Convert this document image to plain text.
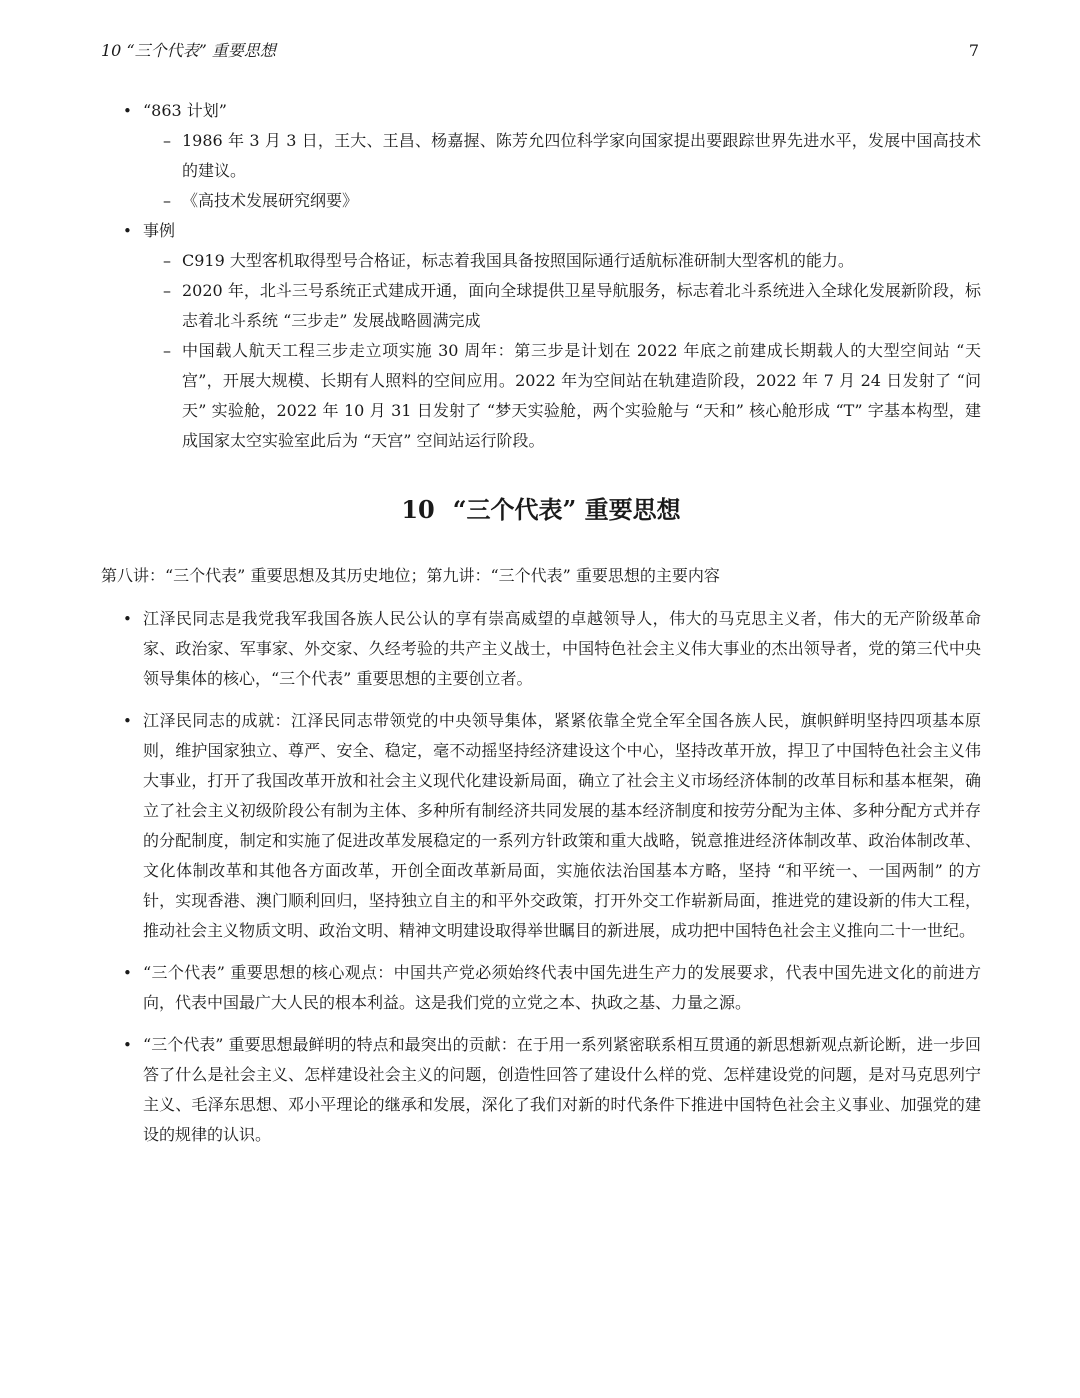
10 “三个代表” 重要思想	7
• “863 计划”
– 1986 年 3 月 3 日，王大、王昌、杨嘉握、陈芳允四位科学家向国家提出要跟踪世界先进水平，发展中国高技术的建议。
– 《高技术发展研究纲要》
• 事例
– C919 大型客机取得型号合格证，标志着我国具备按照国际通行适航标准研制大型客机的能力。
– 2020 年，北斗三号系统正式建成开通，面向全球提供卫星导航服务，标志着北斗系统进入全球化发展新阶段，标志着北斗系统 “三步走” 发展战略圆满完成
– 中国载人航天工程三步走立项实施 30 周年：第三步是计划在 2022 年底之前建成长期载人的大型空间站 “天宫”，开展大规模、长期有人照料的空间应用。2022 年为空间站在轨建造阶段，2022 年 7 月 24 日发射了 “问天” 实验舱，2022 年 10 月 31 日发射了 “梦天实验舱，两个实验舱与 “天和” 核心舱形成 “T” 字基本构型，建成国家太空实验室此后为 “天宫” 空间站运行阶段。
10 “三个代表” 重要思想
第八讲：“三个代表” 重要思想及其历史地位；第九讲：“三个代表” 重要思想的主要内容
• 江泽民同志是我党我军我国各族人民公认的享有崇高威望的卓越领导人，伟大的马克思主义者，伟大的无产阶级革命家、政治家、军事家、外交家、久经考验的共产主义战士，中国特色社会主义伟大事业的杰出领导者，党的第三代中央领导集体的核心，“三个代表” 重要思想的主要创立者。
• 江泽民同志的成就：江泽民同志带领党的中央领导集体，紧紧依靠全党全军全国各族人民，旗帜鲜明坚持四项基本原则，维护国家独立、尊严、安全、稳定，毫不动摇坚持经济建设这个中心，坚持改革开放，捍卫了中国特色社会主义伟大事业，打开了我国改革开放和社会主义现代化建设新局面，确立了社会主义市场经济体制的改革目标和基本框架，确立了社会主义初级阶段公有制为主体、多种所有制经济共同发展的基本经济制度和按劳分配为主体、多种分配方式并存的分配制度，制定和实施了促进改革发展稳定的一系列方针政策和重大战略，锐意推进经济体制改革、政治体制改革、文化体制改革和其他各方面改革，开创全面改革新局面，实施依法治国基本方略，坚持 “和平统一、一国两制” 的方针，实现香港、澳门顺利回归，坚持独立自主的和平外交政策，打开外交工作崭新局面，推进党的建设新的伟大工程，推动社会主义物质文明、政治文明、精神文明建设取得举世瞩目的新进展，成功把中国特色社会主义推向二十一世纪。
• “三个代表” 重要思想的核心观点：中国共产党必须始终代表中国先进生产力的发展要求，代表中国先进文化的前进方向，代表中国最广大人民的根本利益。这是我们党的立党之本、执政之基、力量之源。
• “三个代表” 重要思想最鲜明的特点和最突出的贡献：在于用一系列紧密联系相互贯通的新思想新观点新论断，进一步回答了什么是社会主义、怎样建设社会主义的问题，创造性回答了建设什么样的党、怎样建设党的问题，是对马克思列宁主义、毛泽东思想、邓小平理论的继承和发展，深化了我们对新的时代条件下推进中国特色社会主义事业、加强党的建设的规律的认识。
